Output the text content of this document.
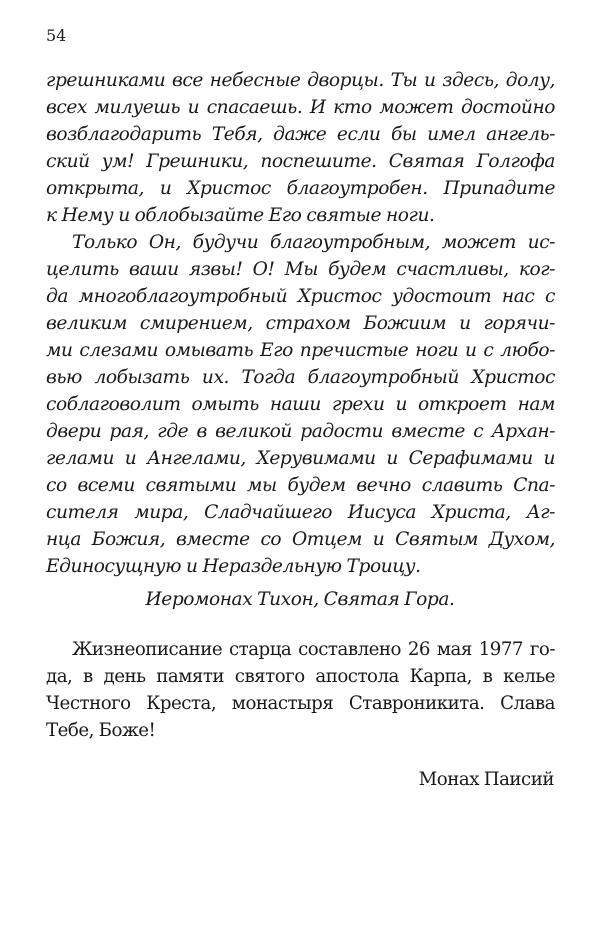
54
грешниками все небесные дворцы. Ты и здесь, долу,
всех милуешь и спасаешь. И кто может достойно
возблагодарить Тебя, даже если бы имел ангель-
ский ум! Грешники, поспешите. Святая Голгофа
открыта, и Христос благоутробен. Припадите
к Нему и облобызайте Его святые ноги.
Только Он, будучи благоутробным, может ис-
целить ваши язвы! О! Мы будем счастливы, ког-
да многоблагоутробный Христос удостоит нас с
великим смирением, страхом Божиим и горячи-
ми слезами омывать Его пречистые ноги и с любо-
вью лобызать их. Тогда благоутробный Христос
соблаговолит омыть наши грехи и откроет нам
двери рая, где в великой радости вместе с Архан-
гелами и Ангелами, Херувимами и Серафимами и
со всеми святыми мы будем вечно славить Спа-
сителя мира, Сладчайшего Иисуса Христа, Аг-
нца Божия, вместе со Отцем и Святым Духом,
Единосущную и Нераздельную Троицу.
Иеромонах Тихон, Святая Гора.
Жизнеописание старца составлено 26 мая 1977 го-
да, в день памяти святого апостола Карпа, в келье
Честного Креста, монастыря Ставроникита. Слава
Тебе, Боже!
Монах Паисий
